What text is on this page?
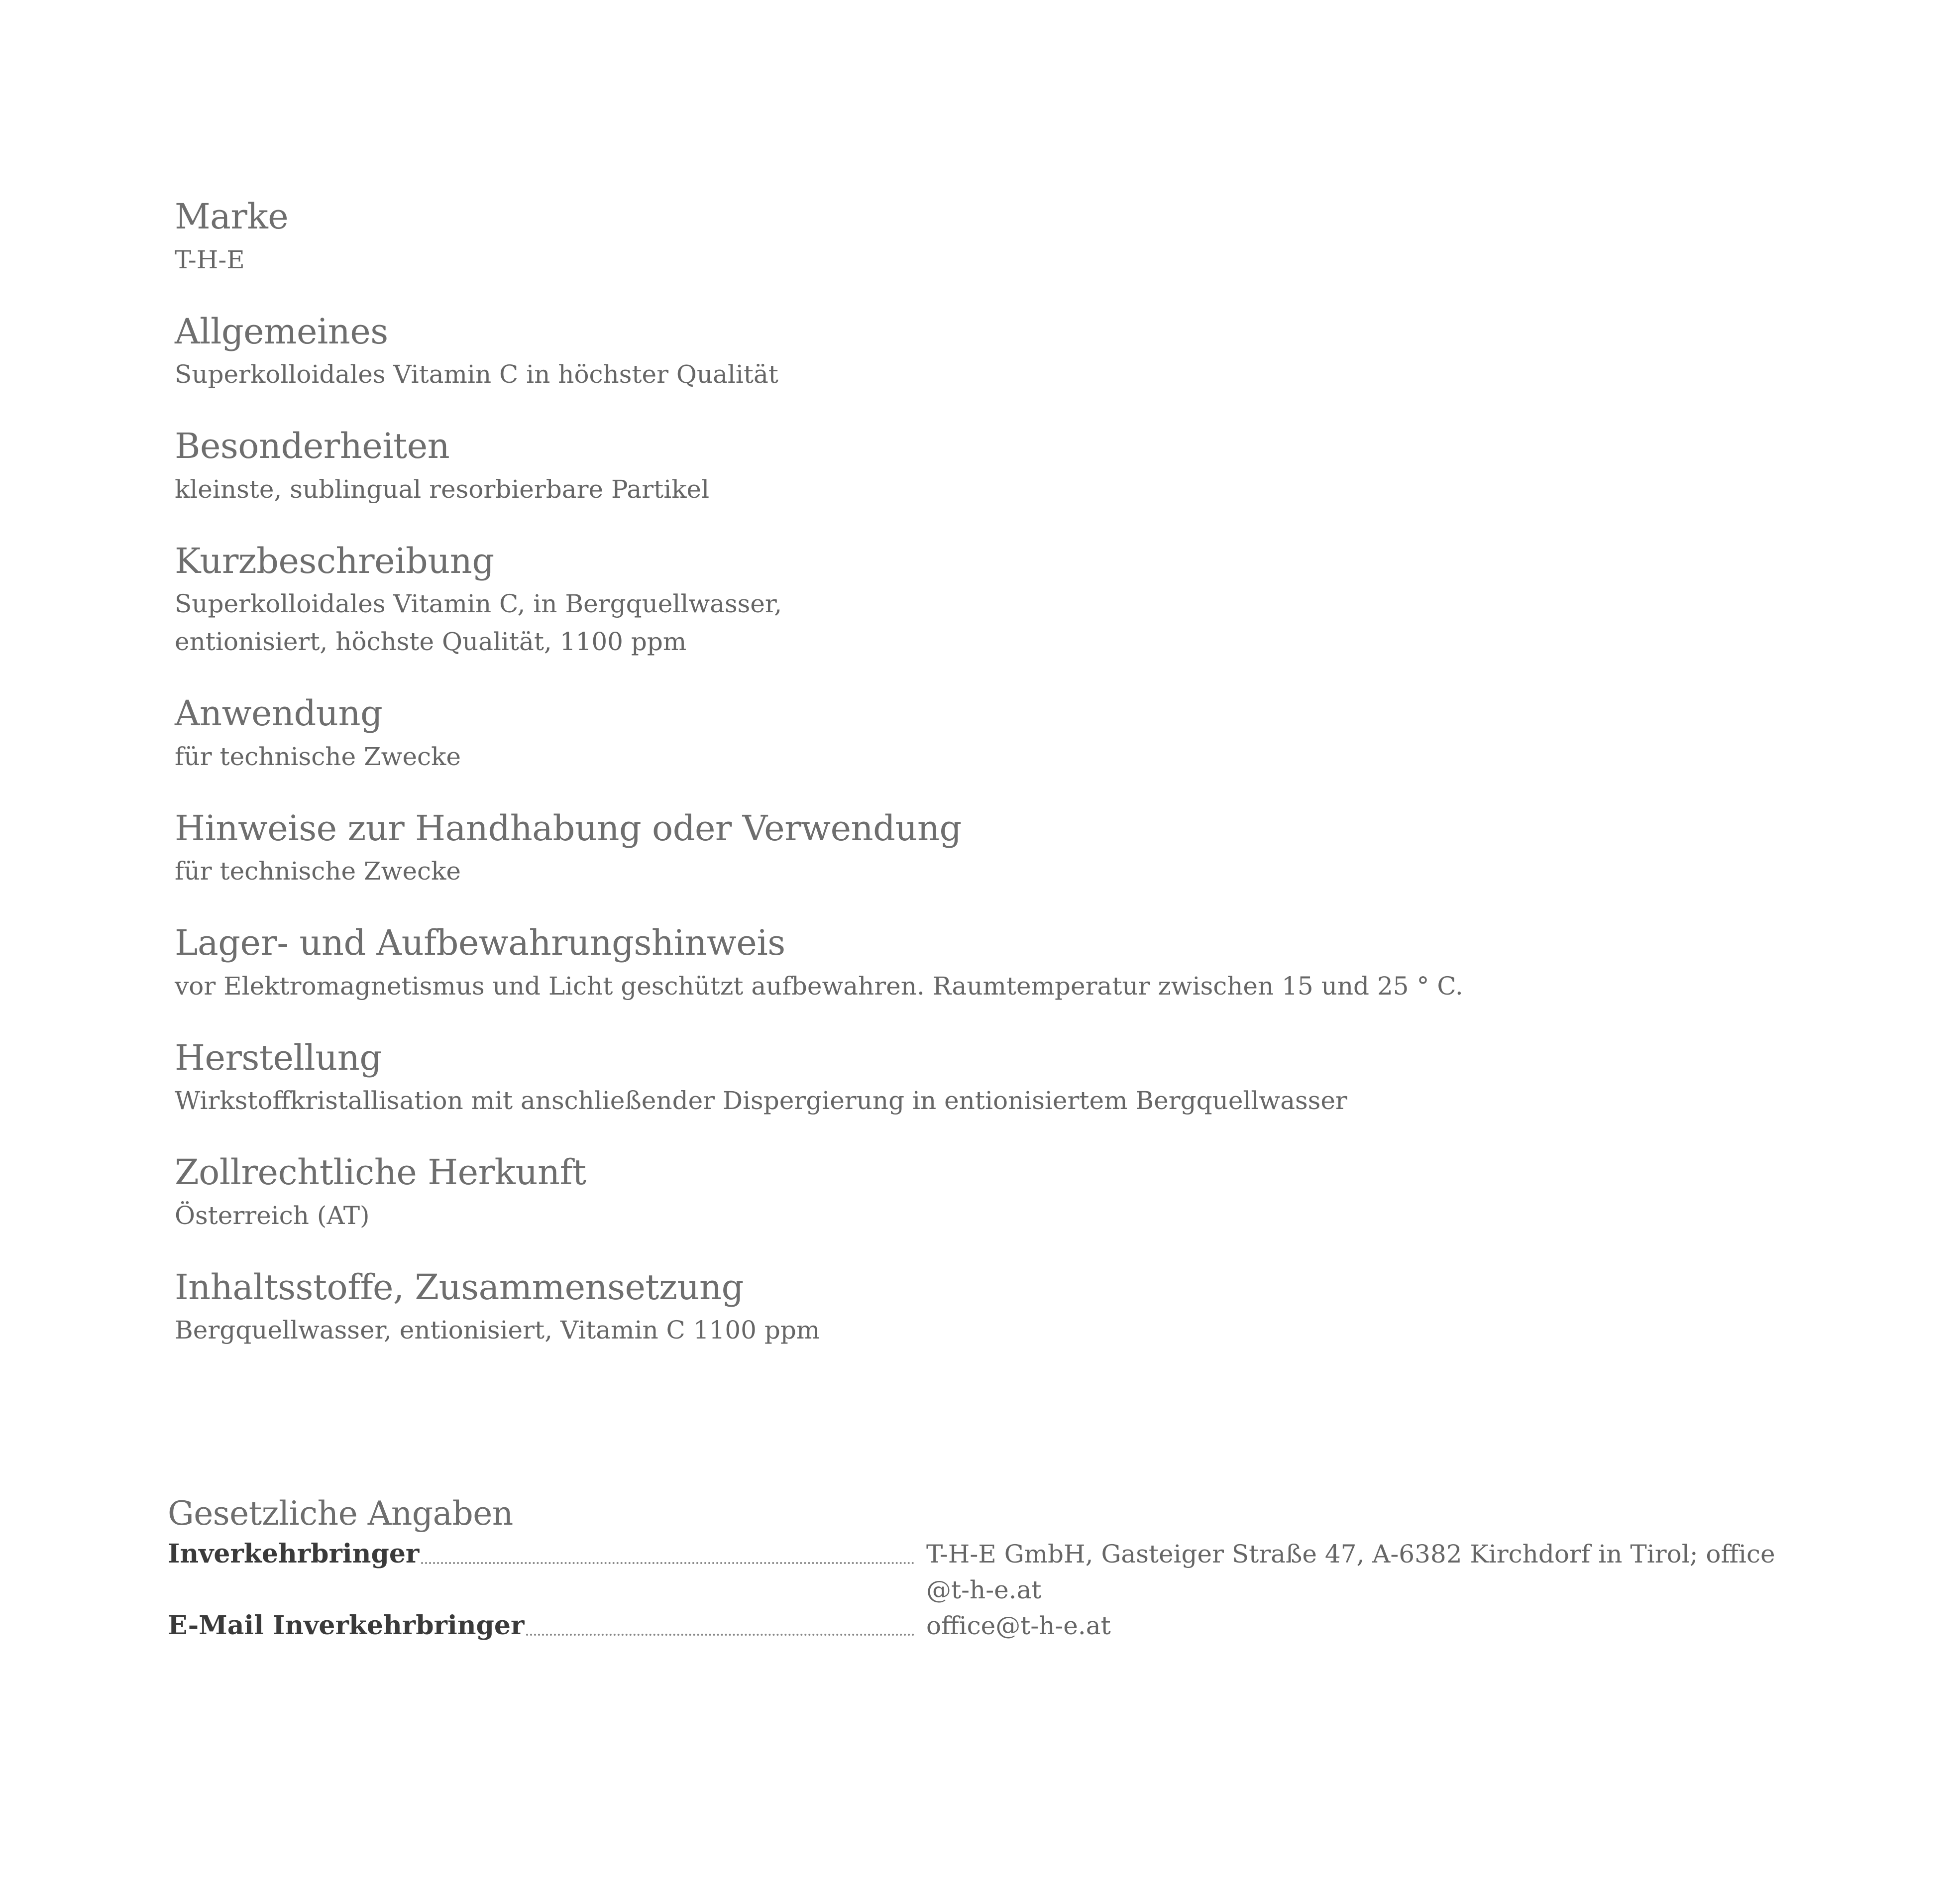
Marke
T-H-E
Allgemeines
Superkolloidales Vitamin C in höchster Qualität
Besonderheiten
kleinste, sublingual resorbierbare Partikel
Kurzbeschreibung
Superkolloidales Vitamin C, in Bergquellwasser,
entionisiert, höchste Qualität, 1100 ppm
Anwendung
für technische Zwecke
Hinweise zur Handhabung oder Verwendung
für technische Zwecke
Lager- und Aufbewahrungshinweis
vor Elektromagnetismus und Licht geschützt aufbewahren. Raumtemperatur zwischen 15 und 25 ° C.
Herstellung
Wirkstoffkristallisation mit anschließender Dispergierung in entionisiertem Bergquellwasser
Zollrechtliche Herkunft
Österreich (AT)
Inhaltsstoffe, Zusammensetzung
Bergquellwasser, entionisiert, Vitamin C 1100 ppm
Gesetzliche Angaben
Inverkehrbringer	T-H-E GmbH, Gasteiger Straße 47, A-6382 Kirchdorf in Tirol; office@t-h-e.at
E-Mail Inverkehrbringer	office@t-h-e.at
